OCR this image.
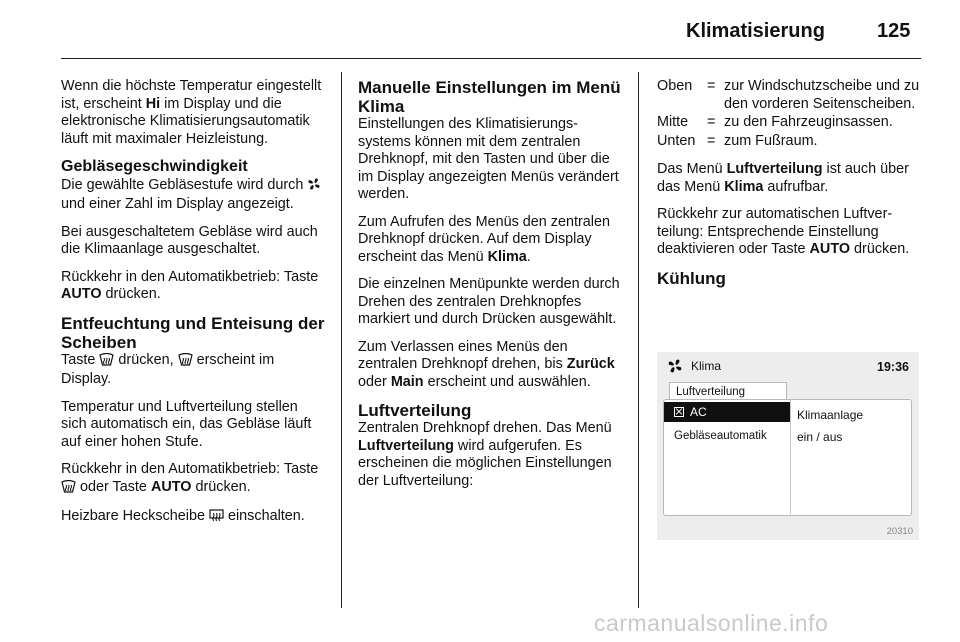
Klimatisierung	125

Wenn die höchste Temperatur eingestellt ist, erscheint Hi im Display und die elektronische Klimatisierungsautomatik läuft mit maximaler Heizleistung.

Gebläsegeschwindigkeit

Die gewählte Gebläsestufe wird durch  und einer Zahl im Display angezeigt.

Bei ausgeschaltetem Gebläse wird auch die Klimaanlage ausgeschaltet.

Rückkehr in den Automatikbetrieb: Taste AUTO drücken.

Entfeuchtung und Enteisung der Scheiben

Taste  drücken,  erscheint im Display.

Temperatur und Luftverteilung stellen sich automatisch ein, das Gebläse läuft auf einer hohen Stufe.

Rückkehr in den Automatikbetrieb: Taste  oder Taste AUTO drücken.

Heizbare Heckscheibe  einschalten.

Manuelle Einstellungen im Menü Klima

Einstellungen des Klimatisierungssystems können mit dem zentralen Drehknopf, mit den Tasten und über die im Display angezeigten Menüs verändert werden.

Zum Aufrufen des Menüs den zentralen Drehknopf drücken. Auf dem Display erscheint das Menü Klima.

Die einzelnen Menüpunkte werden durch Drehen des zentralen Drehknopfes markiert und durch Drücken ausgewählt.

Zum Verlassen eines Menüs den zentralen Drehknopf drehen, bis Zurück oder Main erscheint und auswählen.

Luftverteilung

Zentralen Drehknopf drehen. Das Menü Luftverteilung wird aufgerufen. Es erscheinen die möglichen Einstellungen der Luftverteilung:

Oben	=	zur Windschutzscheibe und zu den vorderen Seitenscheiben.
Mitte	=	zu den Fahrzeuginsassen.
Unten	=	zum Fußraum.

Das Menü Luftverteilung ist auch über das Menü Klima aufrufbar.

Rückkehr zur automatischen Luftverteilung: Entsprechende Einstellung deaktivieren oder Taste AUTO drücken.

Kühlung
Klima	19:36
Luftverteilung
AC
Gebläseautomatik
Klimaanlage
ein / aus
20310
carmanualsonline.info
